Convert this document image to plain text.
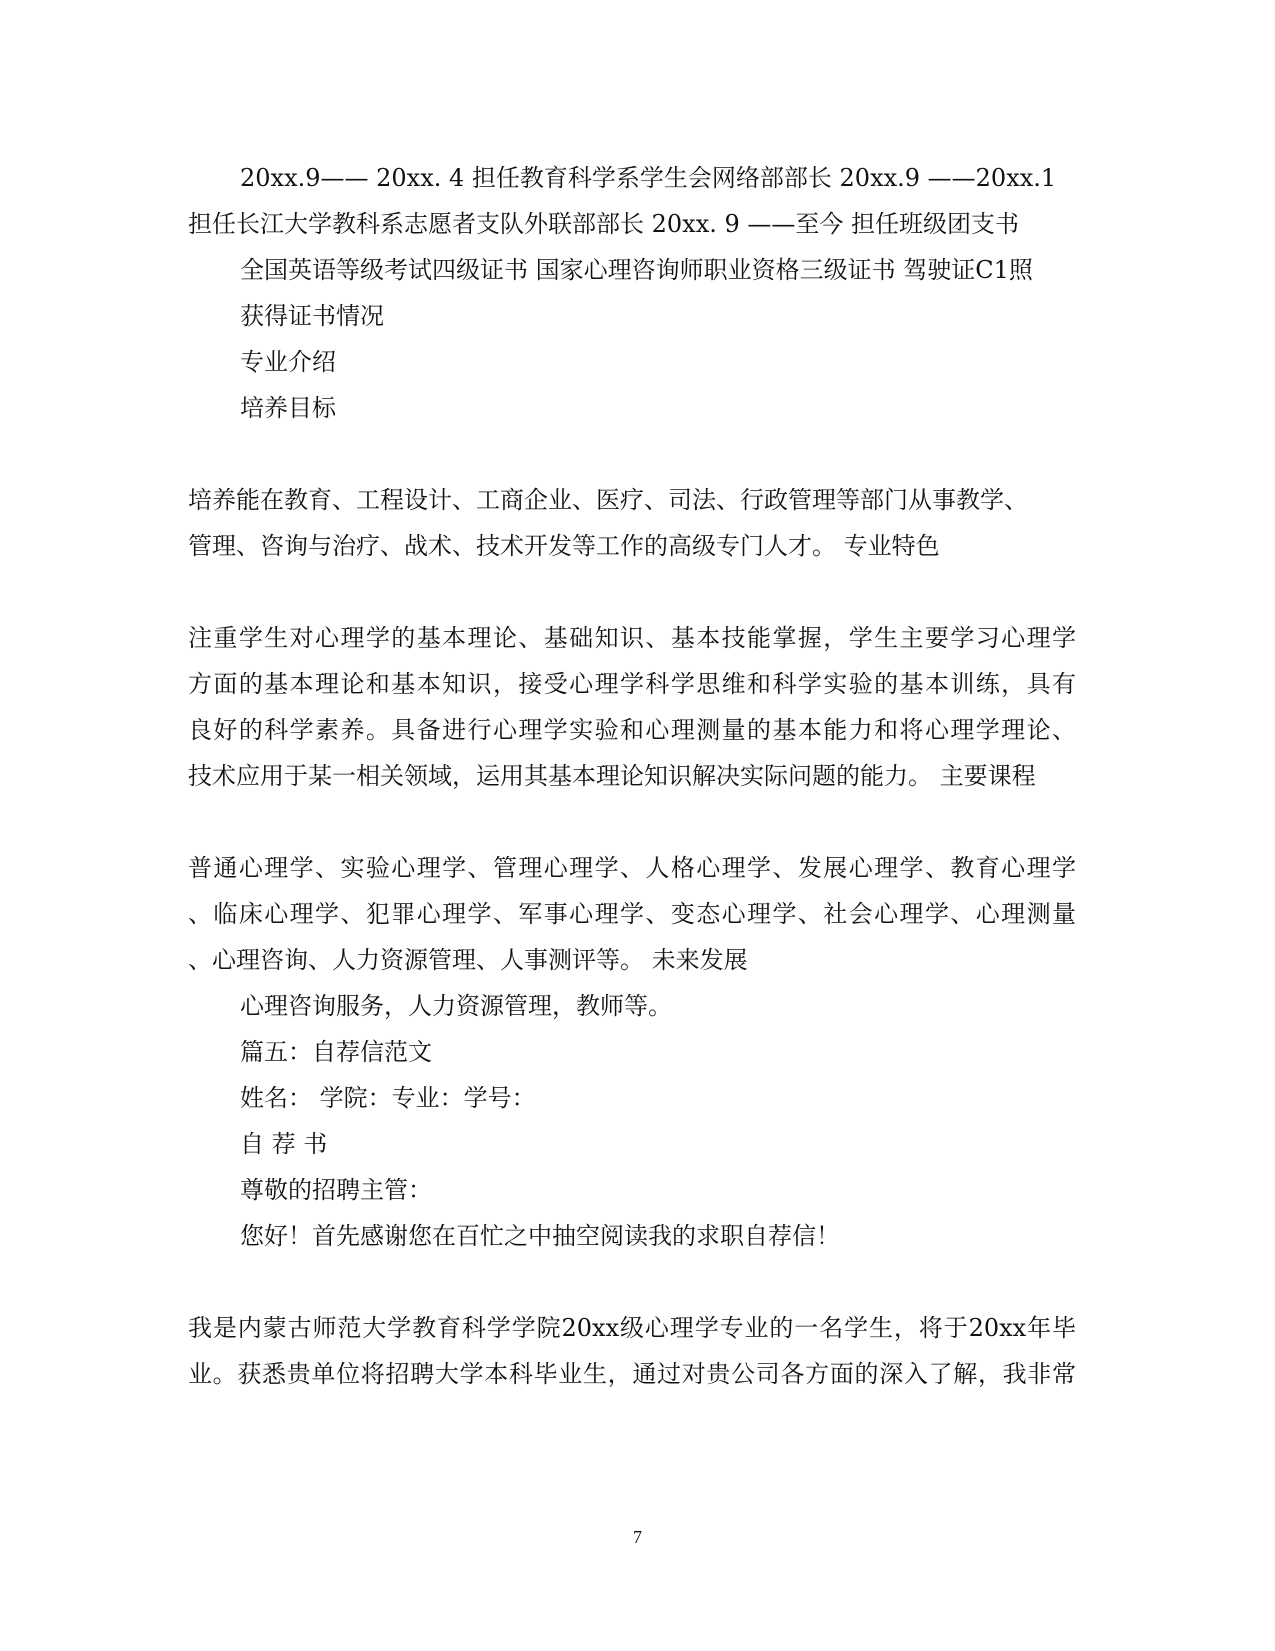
20xx.9—— 20xx. 4 担任教育科学系学生会网络部部长 20xx.9 ——20xx.1
担任长江大学教科系志愿者支队外联部部长 20xx. 9 ——至今 担任班级团支书
全国英语等级考试四级证书 国家心理咨询师职业资格三级证书 驾驶证C1照
获得证书情况
专业介绍
培养目标
培养能在教育、工程设计、工商企业、医疗、司法、行政管理等部门从事教学、
管理、咨询与治疗、战术、技术开发等工作的高级专门人才。 专业特色
注重学生对心理学的基本理论、基础知识、基本技能掌握，学生主要学习心理学
方面的基本理论和基本知识，接受心理学科学思维和科学实验的基本训练，具有
良好的科学素养。具备进行心理学实验和心理测量的基本能力和将心理学理论、
技术应用于某一相关领域，运用其基本理论知识解决实际问题的能力。 主要课程
普通心理学、实验心理学、管理心理学、人格心理学、发展心理学、教育心理学
、临床心理学、犯罪心理学、军事心理学、变态心理学、社会心理学、心理测量
、心理咨询、人力资源管理、人事测评等。 未来发展
心理咨询服务，人力资源管理，教师等。
篇五：自荐信范文
姓名： 学院：专业：学号：
自 荐 书
尊敬的招聘主管：
您好！首先感谢您在百忙之中抽空阅读我的求职自荐信！
我是内蒙古师范大学教育科学学院20xx级心理学专业的一名学生，将于20xx年毕
业。获悉贵单位将招聘大学本科毕业生，通过对贵公司各方面的深入了解，我非常
7
